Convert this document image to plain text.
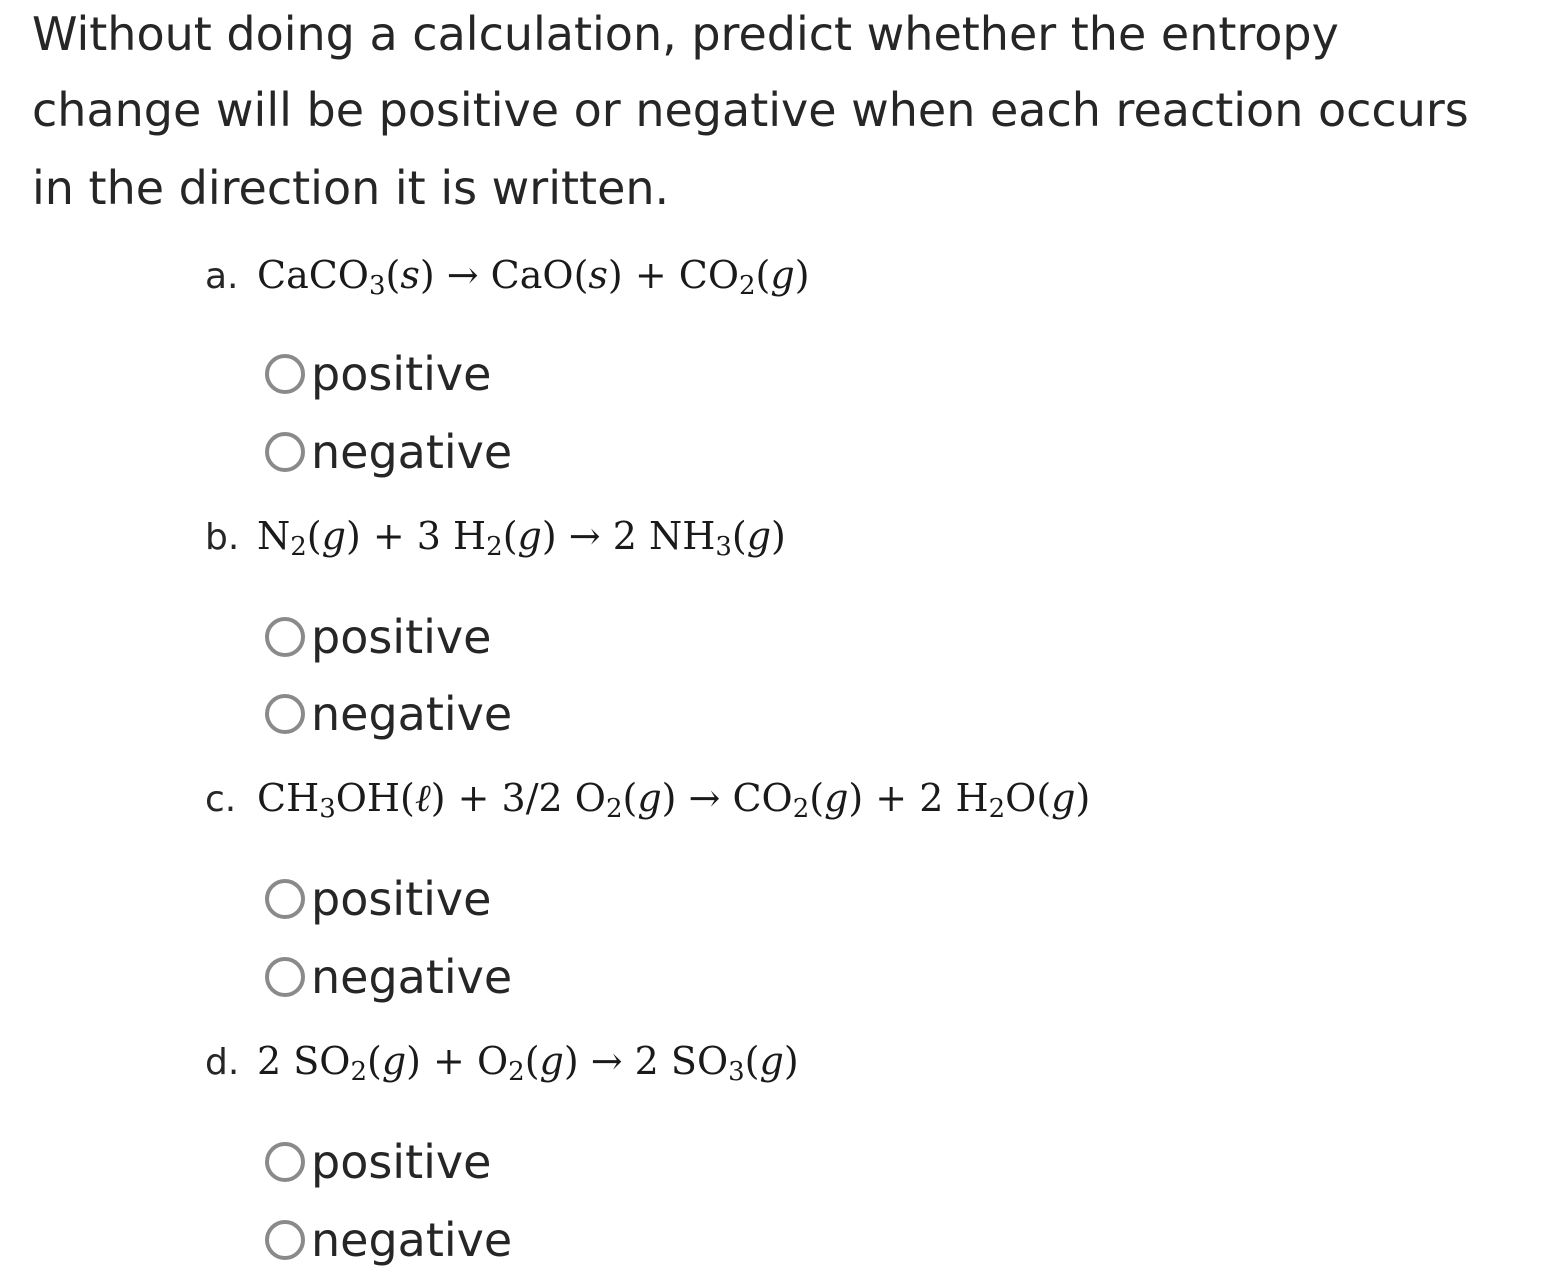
Without doing a calculation, predict whether the entropy
change will be positive or negative when each reaction occurs
in the direction it is written.
a. CaCO$_3$(s) → $CaO(s) + CO_2(g)$
positive
negative
b. $N_2(g) + 3$ $H_2(g) \to 2$ $NH_3(g)$
positive
negative
c. $CH_3OH(\ell) + 3/2$ $O_2(g) \to CO_2(g) + 2$ $H_2O(g)$
positive
negative
d. 2 $SO_2(g) + O_2(g) \to 2$ $SO_3(g)$
positive
negative
